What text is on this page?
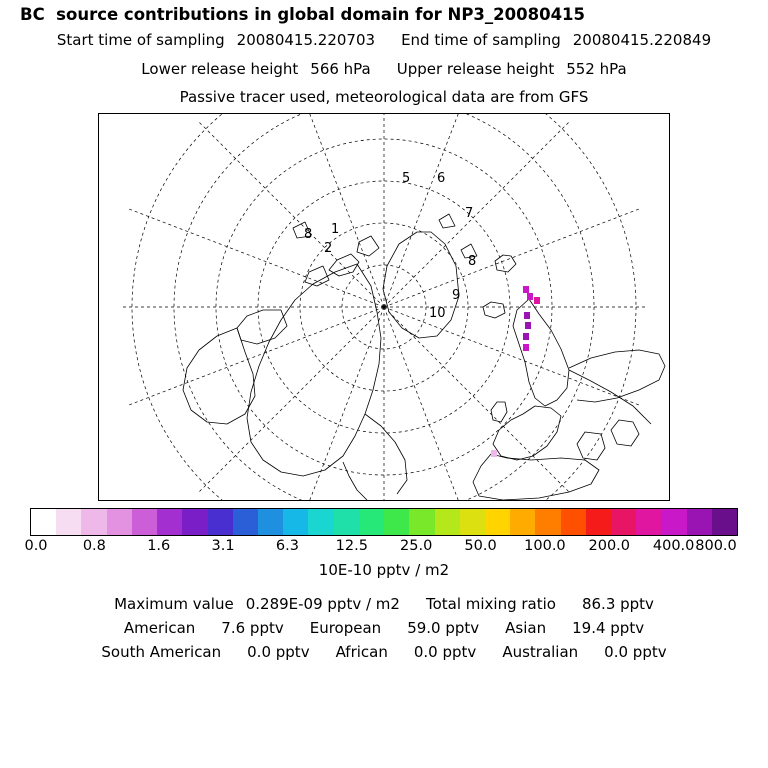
BC  source contributions in global domain for NP3_20080415
Start time of sampling 20080415.220703 End time of sampling 20080415.220849
Lower release height 566 hPa Upper release height 552 hPa
Passive tracer used, meteorological data are from GFS
5 6
7
8
2
1
8
9
10
0.0 0.8	1.6	3.1	6.3	12.5 25.0 50.0 100.0 200.0 400.0 800.0
10E-10 pptv / m2
Maximum value 0.289E-09 pptv / m2 Total mixing ratio 86.3 pptv
American 7.6 pptv European 59.0 pptv Asian 19.4 pptv
South American 0.0 pptv African 0.0 pptv Australian 0.0 pptv
